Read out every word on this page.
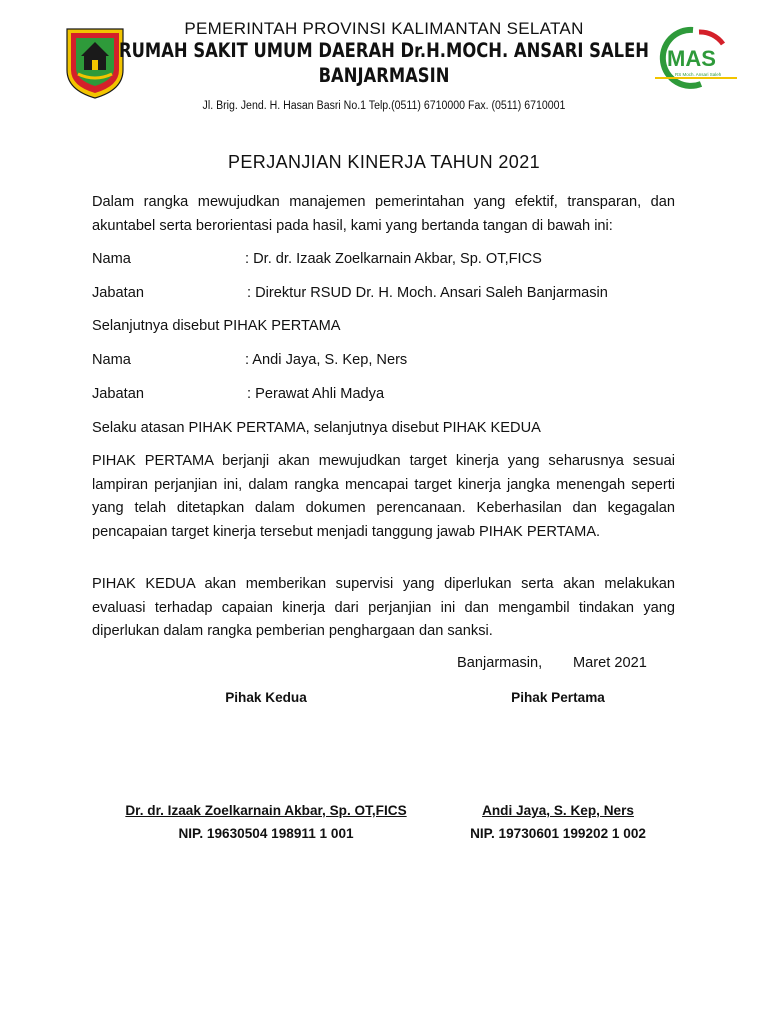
PEMERINTAH PROVINSI KALIMANTAN SELATAN
RUMAH SAKIT UMUM DAERAH Dr.H.MOCH. ANSARI SALEH
BANJARMASIN
Jl. Brig. Jend. H. Hasan Basri No.1 Telp.(0511) 6710000 Fax. (0511) 6710001
MAS
RS Moch. Ansari Saleh
PERJANJIAN KINERJA TAHUN 2021
Dalam rangka mewujudkan manajemen pemerintahan yang efektif, transparan, dan akuntabel serta berorientasi pada hasil, kami yang bertanda tangan di bawah ini:
Nama	: Dr. dr. Izaak Zoelkarnain Akbar, Sp. OT,FICS
Jabatan	: Direktur RSUD Dr. H. Moch. Ansari Saleh Banjarmasin
Selanjutnya disebut PIHAK PERTAMA
Nama	: Andi Jaya, S. Kep, Ners
Jabatan	: Perawat Ahli Madya
Selaku atasan PIHAK PERTAMA, selanjutnya disebut PIHAK KEDUA
PIHAK PERTAMA berjanji akan mewujudkan target kinerja yang seharusnya sesuai lampiran perjanjian ini, dalam rangka mencapai target kinerja jangka menengah seperti yang telah ditetapkan dalam dokumen perencanaan. Keberhasilan dan kegagalan pencapaian target kinerja tersebut menjadi tanggung jawab PIHAK PERTAMA.
PIHAK KEDUA akan memberikan supervisi yang diperlukan serta akan melakukan evaluasi terhadap capaian kinerja dari perjanjian ini dan mengambil tindakan yang diperlukan dalam rangka pemberian penghargaan dan sanksi.
Banjarmasin, Maret 2021
Pihak Kedua	Pihak Pertama
Dr. dr. Izaak Zoelkarnain Akbar, Sp. OT,FICS	Andi Jaya, S. Kep, Ners
NIP. 19630504 198911 1 001	NIP. 19730601 199202 1 002
